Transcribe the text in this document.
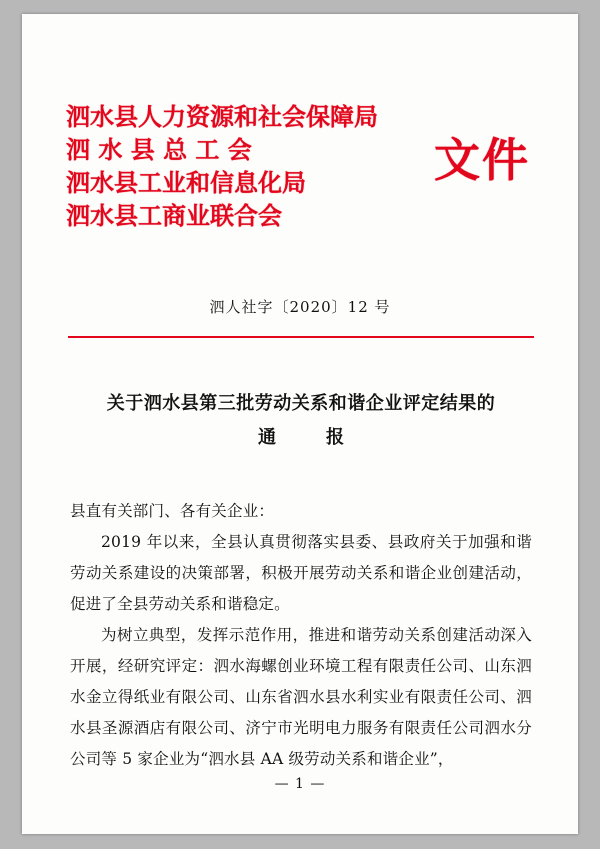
泗水县人力资源和社会保障局
泗 水 县 总 工 会
泗水县工业和信息化局
泗水县工商业联合会
文件
泗人社字〔2020〕12 号
关于泗水县第三批劳动关系和谐企业评定结果的
通　报

县直有关部门、各有关企业：

2019 年以来，全县认真贯彻落实县委、县政府关于加强和谐劳动关系建设的决策部署，积极开展劳动关系和谐企业创建活动，促进了全县劳动关系和谐稳定。

为树立典型，发挥示范作用，推进和谐劳动关系创建活动深入开展，经研究评定：泗水海螺创业环境工程有限责任公司、山东泗水金立得纸业有限公司、山东省泗水县水利实业有限责任公司、泗水县圣源酒店有限公司、济宁市光明电力服务有限责任公司泗水分公司等 5 家企业为“泗水县 AA 级劳动关系和谐企业”，

— 1 —
